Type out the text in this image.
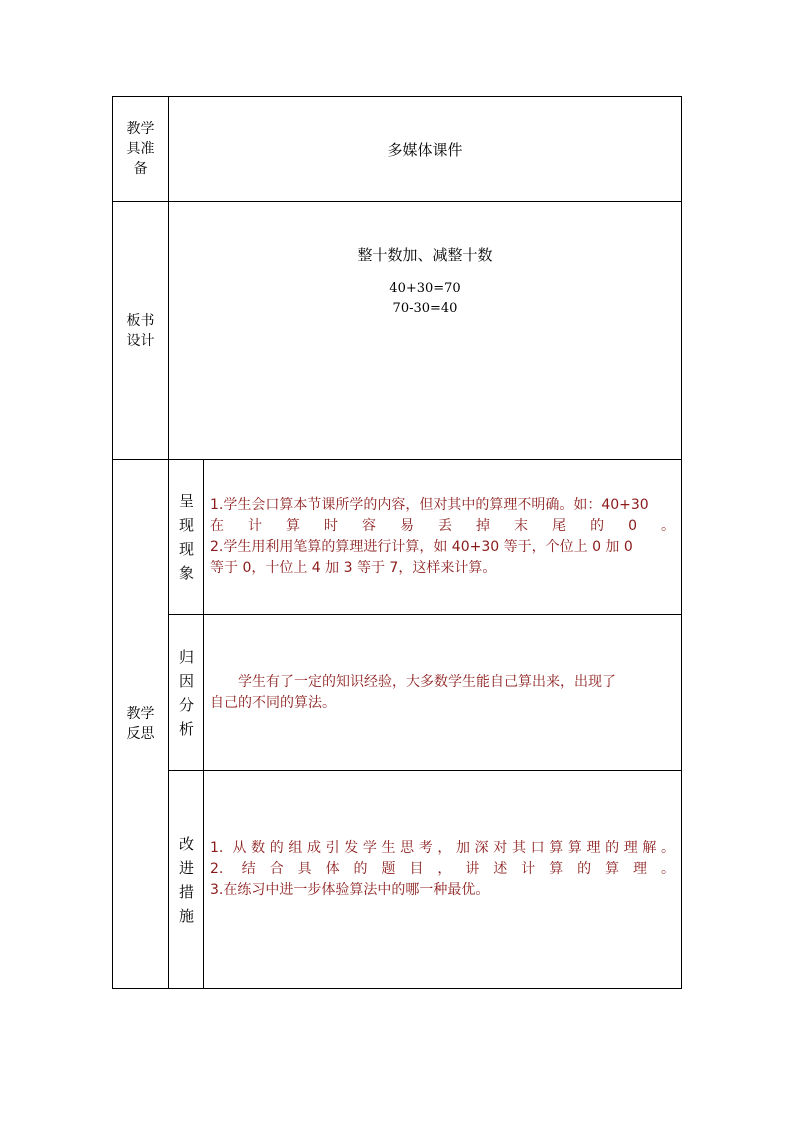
教学具准备	多媒体课件	

板书设计	整十数加、减整十数
40+30=70
70-30=40	

教学反思	呈现现象	1.学生会口算本节课所学的内容，但对其中的算理不明确。如：40+30

在计算时容易丢掉末尾的0。

2.学生用利用笔算的算理进行计算，如 40+30 等于，个位上 0 加 0

等于 0，十位上 4 加 3 等于 7，这样来计算。

	归因分析	学生有了一定的知识经验，大多数学生能自己算出来，出现了

自己的不同的算法。

	改进措施	1. 从数的组成引发学生思考，加深对其口算算理的理解。

2. 结合具体的题目，讲述计算的算理。

3.在练习中进一步体验算法中的哪一种最优。
